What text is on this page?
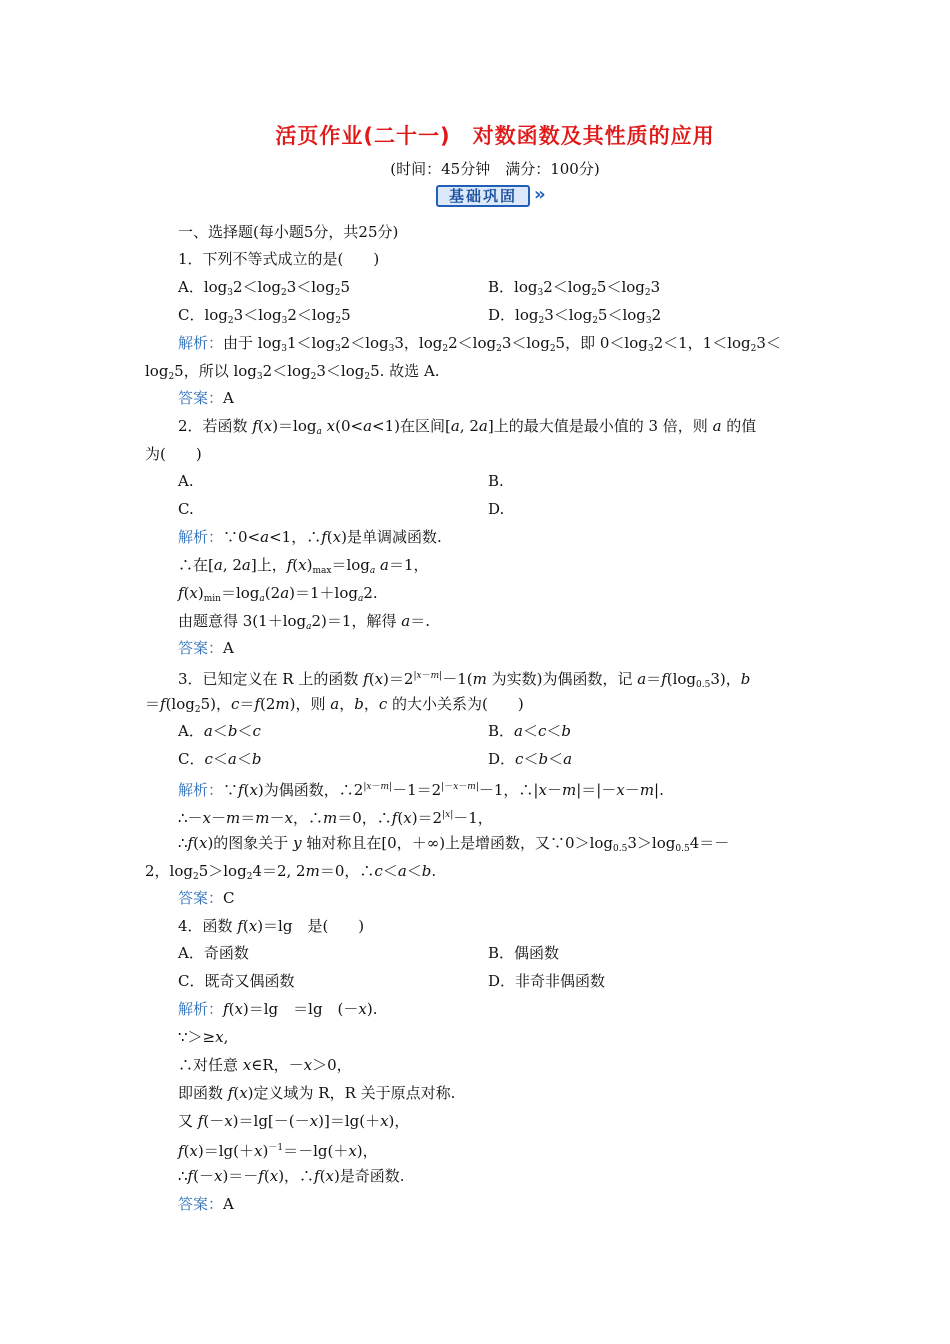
活页作业(二十一)　对数函数及其性质的应用
(时间：45分钟　满分：100分)
基础巩固 »
一、选择题(每小题5分，共25分)
1．下列不等式成立的是(　　)
A．$\log_32<\log_23<\log_25$	B．$\log_32<\log_25<\log_23$
C．$\log_23<\log_32<\log_25$	D．$\log_23<\log_25<\log_32$
解析：由于 $\log_31<\log_32<\log_33$，$\log_22<\log_23<\log_25$，即 $0<\log_32<1$，$1<\log_23<$
$\log_25$，所以 $\log_32<\log_23<\log_25$. 故选 A.
答案：A
2．若函数 $f(x)=\log_a$ x(0<a<1)在区间[a, 2a]上的最大值是最小值的 3 倍，则 a 的值
为(　　)
A.	B.
C.	D.
解析：∵0<a<1，∴f(x)是单调减函数.
∴在[a, 2a]上，$f(x)_{max}=\log_a$ a＝1，
$f(x)_{min}=\log_a(2a)=1+\log_a2$.
由题意得 $3(1+\log_a2)=1$，解得 a＝.
答案：A
3．已知定义在 R 上的函数 $f(x)=2^{|x-m|}-1(m$ 为实数)为偶函数，记 $a=f(\log_{0.5}3)$，b
$=f(\log_25)$，c＝f(2m)，则 a，b，c 的大小关系为(　　)
A．a＜b＜c	B．a＜c＜b
C．c＜a＜b	D．c＜b＜a
解析：∵f(x)为偶函数，$\therefore 2^{|x-m|}-1=2^{|-x-m|}-1$，∴|x－m|＝|－x－m|.
∴－x－m＝m－x，∴m＝0，$\therefore f(x)=2^{|x|}-1$，
∴f(x)的图象关于 y 轴对称且在[0，＋∞)上是增函数，又$\because 0>\log_{0.5}3>\log_{0.5}4=-$
2，$\log_25>\log_24=2$, 2m＝0，∴c＜a＜b.
答案：C
4．函数 f(x)＝lg　是(　　)
A．奇函数	B．偶函数
C．既奇又偶函数	D．非奇非偶函数
解析：f(x)＝lg　＝lg　(－x).
∵＞≥x,
∴对任意 x∈R，－x＞0，
即函数 f(x)定义域为 R，R 关于原点对称.
又 f(－x)＝lg[－(－x)]＝lg(＋x)，
$f(x)=\lg(+x)^{-1}=-\lg(+x)$，
∴f(－x)＝－f(x)，∴f(x)是奇函数.
答案：A
